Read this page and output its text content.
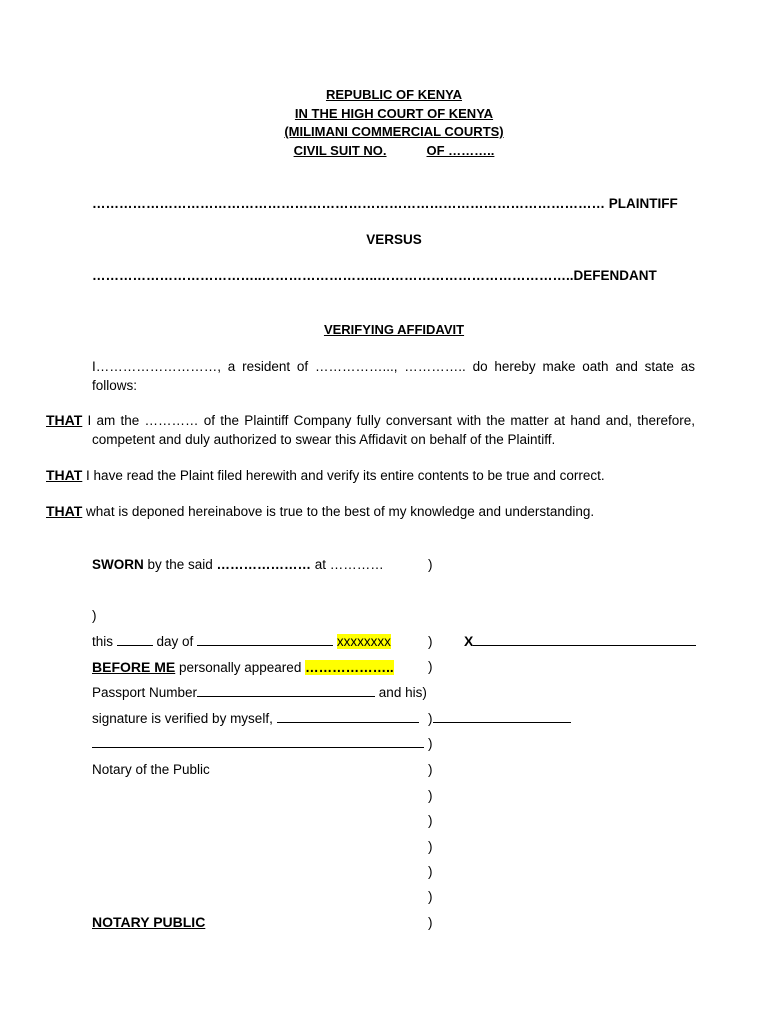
REPUBLIC OF KENYA
IN THE HIGH COURT OF KENYA
(MILIMANI COMMERCIAL COURTS)
CIVIL SUIT NO.	OF ………..
…………………………………………………………………………………………………… PLAINTIFF
VERSUS
………………………………..……………………..……………………………………..DEFENDANT
VERIFYING AFFIDAVIT
I………………………, a resident of ……………..., ………….. do hereby make oath and state as follows:
THAT I am the ………… of the Plaintiff Company fully conversant with the matter at hand and, therefore, competent and duly authorized to swear this Affidavit on behalf of the Plaintiff.
THAT I have read the Plaint filed herewith and verify its entire contents to be true and correct.
THAT what is deponed hereinabove is true to the best of my knowledge and understanding.
SWORN by the said ………………… at …………	)
)
this	day of	xxxxxxxx	) X
BEFORE ME personally appeared ………………..	)
Passport Number	and his)
signature is verified by myself,	)
)
Notary of the Public	)
)
)
)
)
)
NOTARY PUBLIC	)
